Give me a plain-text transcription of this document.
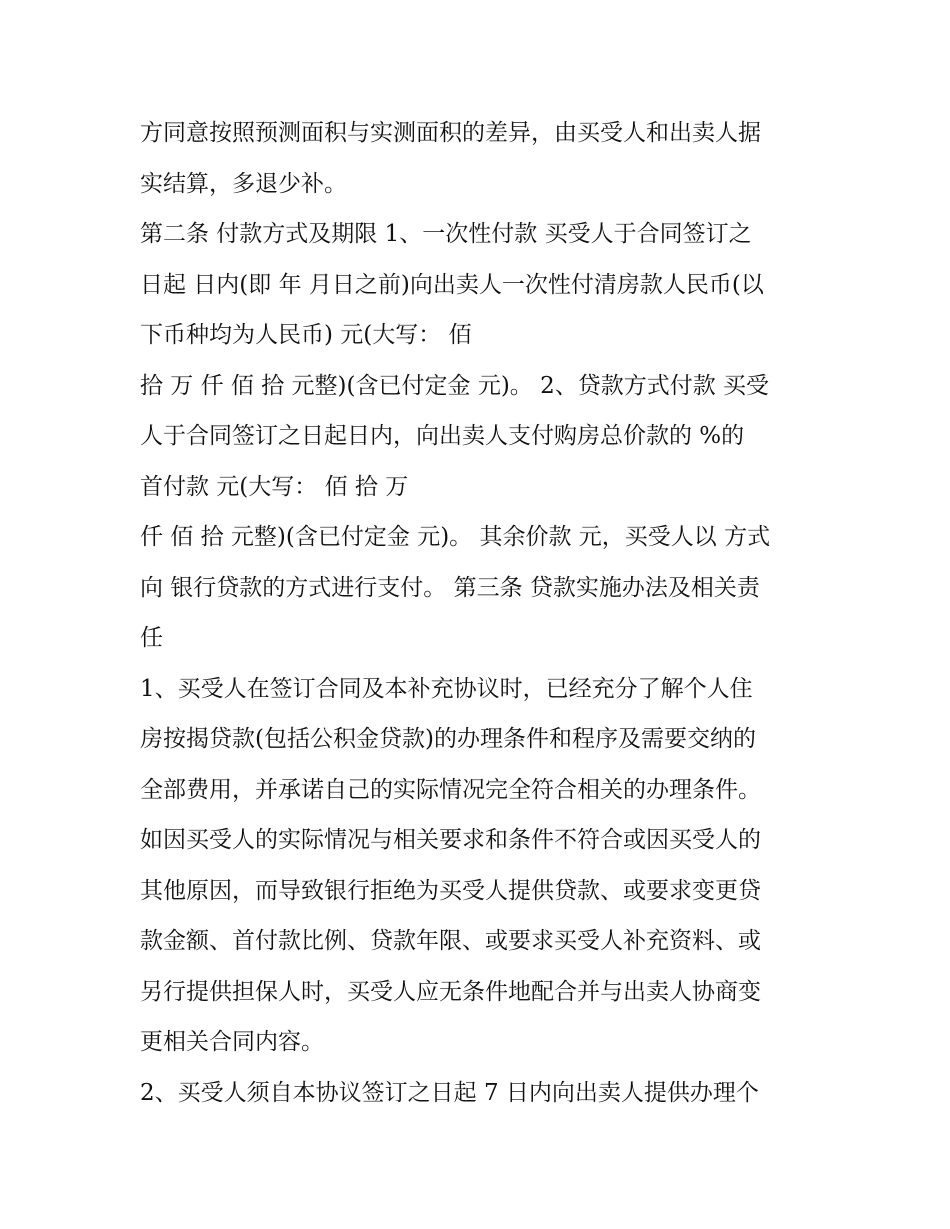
方同意按照预测面积与实测面积的差异，由买受人和出卖人据
实结算，多退少补。
第二条 付款方式及期限 1、一次性付款 买受人于合同签订之
日起 日内(即 年 月日之前)向出卖人一次性付清房款人民币(以
下币种均为人民币) 元(大写： 佰
拾 万 仟 佰 拾 元整)(含已付定金 元)。 2、贷款方式付款 买受
人于合同签订之日起日内，向出卖人支付购房总价款的 %的
首付款 元(大写： 佰 拾 万
仟 佰 拾 元整)(含已付定金 元)。 其余价款 元，买受人以 方式
向 银行贷款的方式进行支付。 第三条 贷款实施办法及相关责
任
1、买受人在签订合同及本补充协议时，已经充分了解个人住
房按揭贷款(包括公积金贷款)的办理条件和程序及需要交纳的
全部费用，并承诺自己的实际情况完全符合相关的办理条件。
如因买受人的实际情况与相关要求和条件不符合或因买受人的
其他原因，而导致银行拒绝为买受人提供贷款、或要求变更贷
款金额、首付款比例、贷款年限、或要求买受人补充资料、或
另行提供担保人时，买受人应无条件地配合并与出卖人协商变
更相关合同内容。
2、买受人须自本协议签订之日起 7 日内向出卖人提供办理个
